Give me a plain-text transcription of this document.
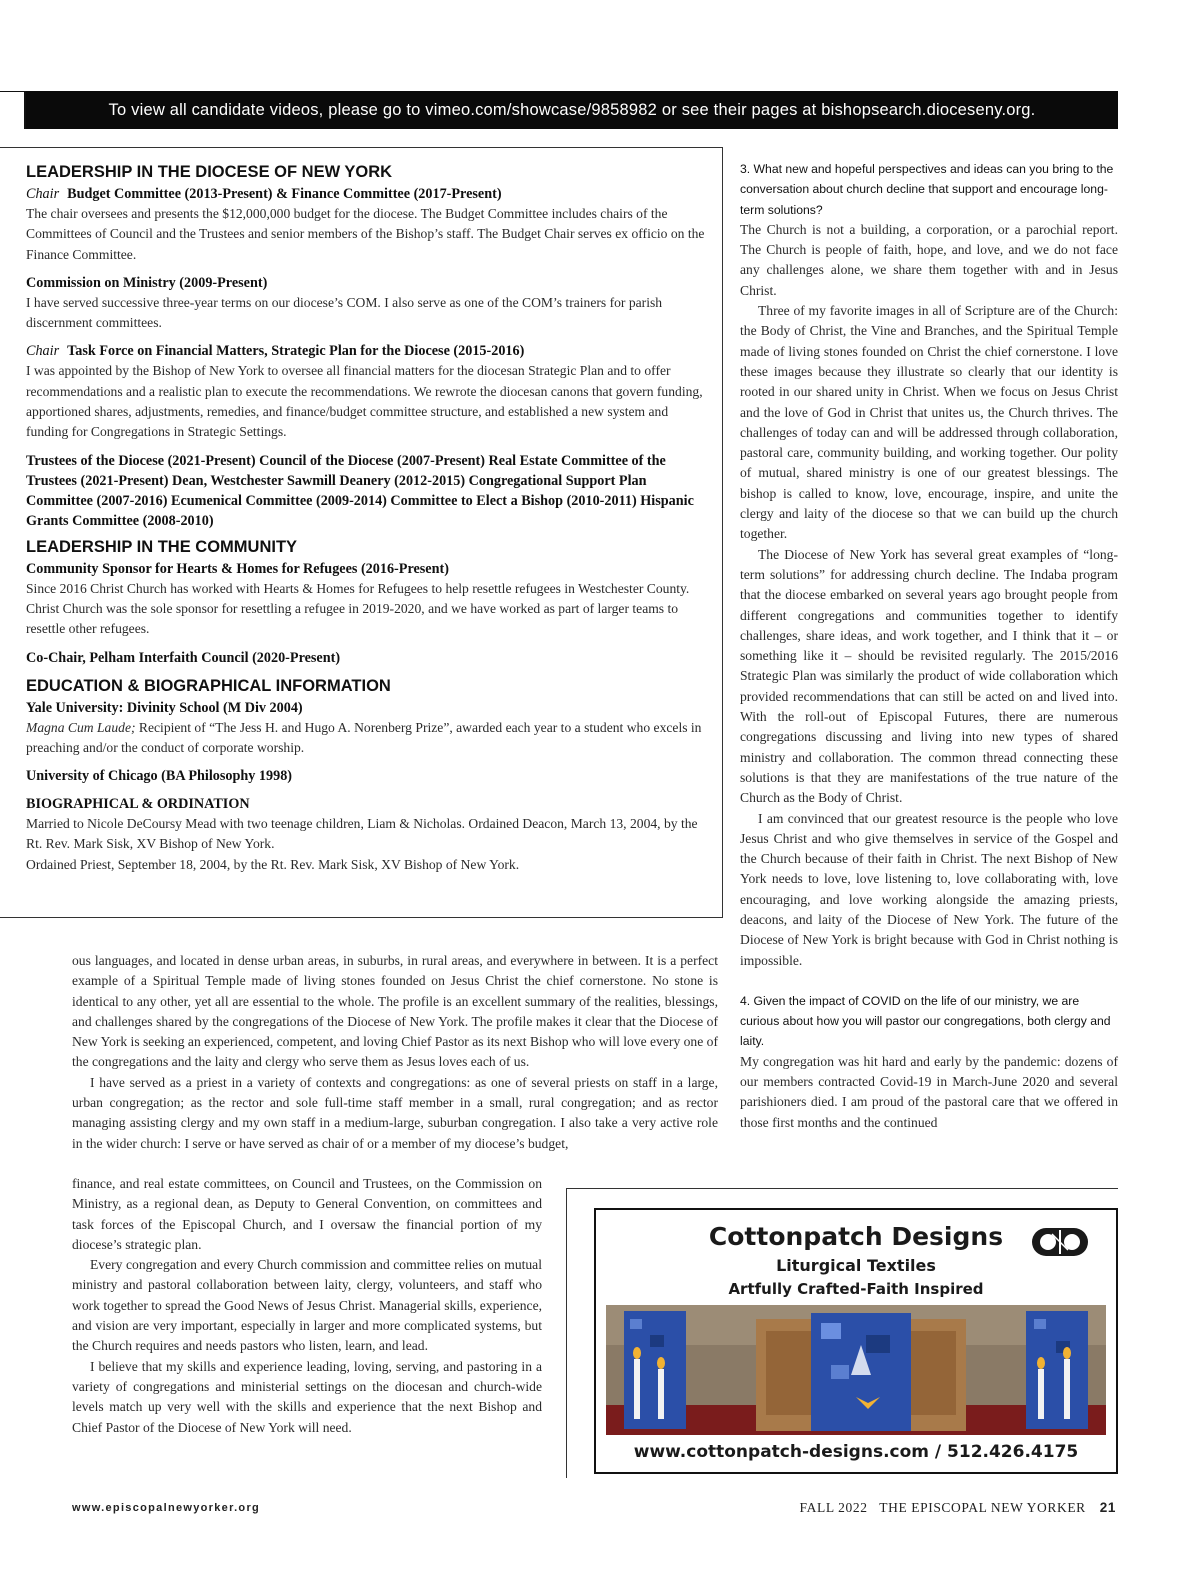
To view all candidate videos, please go to vimeo.com/showcase/9858982 or see their pages at bishopsearch.dioceseny.org.
LEADERSHIP IN THE DIOCESE OF NEW YORK

Chair Budget Committee (2013-Present) & Finance Committee (2017-Present)

The chair oversees and presents the $12,000,000 budget for the diocese. The Budget Committee includes chairs of the Committees of Council and the Trustees and senior members of the Bishop’s staff. The Budget Chair serves ex officio on the Finance Committee.

Commission on Ministry (2009-Present)

I have served successive three-year terms on our diocese’s COM. I also serve as one of the COM’s trainers for parish discernment committees.

Chair Task Force on Financial Matters, Strategic Plan for the Diocese (2015-2016)

I was appointed by the Bishop of New York to oversee all financial matters for the diocesan Strategic Plan and to offer recommendations and a realistic plan to execute the recommendations. We rewrote the diocesan canons that govern funding, apportioned shares, adjustments, remedies, and finance/budget committee structure, and established a new system and funding for Congregations in Strategic Settings.

Trustees of the Diocese (2021-Present) Council of the Diocese (2007-Present) Real Estate Committee of the Trustees (2021-Present) Dean, Westchester Sawmill Deanery (2012-2015) Congregational Support Plan Committee (2007-2016) Ecumenical Committee (2009-2014) Committee to Elect a Bishop (2010-2011) Hispanic Grants Committee (2008-2010)

LEADERSHIP IN THE COMMUNITY

Community Sponsor for Hearts & Homes for Refugees (2016-Present)

Since 2016 Christ Church has worked with Hearts & Homes for Refugees to help resettle refugees in Westchester County. Christ Church was the sole sponsor for resettling a refugee in 2019-2020, and we have worked as part of larger teams to resettle other refugees.

Co-Chair, Pelham Interfaith Council (2020-Present)

EDUCATION & BIOGRAPHICAL INFORMATION

Yale University: Divinity School (M Div 2004)

Magna Cum Laude; Recipient of “The Jess H. and Hugo A. Norenberg Prize”, awarded each year to a student who excels in preaching and/or the conduct of corporate worship.

University of Chicago (BA Philosophy 1998)

BIOGRAPHICAL & ORDINATION

Married to Nicole DeCoursy Mead with two teenage children, Liam & Nicholas. Ordained Deacon, March 13, 2004, by the Rt. Rev. Mark Sisk, XV Bishop of New York.

Ordained Priest, September 18, 2004, by the Rt. Rev. Mark Sisk, XV Bishop of New York.

3. What new and hopeful perspectives and ideas can you bring to the conversation about church decline that support and encourage long-term solutions?

The Church is not a building, a corporation, or a parochial report. The Church is people of faith, hope, and love, and we do not face any challenges alone, we share them together with and in Jesus Christ.

Three of my favorite images in all of Scripture are of the Church: the Body of Christ, the Vine and Branches, and the Spiritual Temple made of living stones founded on Christ the chief cornerstone. I love these images because they illustrate so clearly that our identity is rooted in our shared unity in Christ. When we focus on Jesus Christ and the love of God in Christ that unites us, the Church thrives. The challenges of today can and will be addressed through collaboration, pastoral care, community building, and working together. Our polity of mutual, shared ministry is one of our greatest blessings. The bishop is called to know, love, encourage, inspire, and unite the clergy and laity of the diocese so that we can build up the church together.

The Diocese of New York has several great examples of “long-term solutions” for addressing church decline. The Indaba program that the diocese embarked on several years ago brought people from different congregations and communities together to identify challenges, share ideas, and work together, and I think that it – or something like it – should be revisited regularly. The 2015/2016 Strategic Plan was similarly the product of wide collaboration which provided recommendations that can still be acted on and lived into. With the roll-out of Episcopal Futures, there are numerous congregations discussing and living into new types of shared ministry and collaboration. The common thread connecting these solutions is that they are manifestations of the true nature of the Church as the Body of Christ.

I am convinced that our greatest resource is the people who love Jesus Christ and who give themselves in service of the Gospel and the Church because of their faith in Christ. The next Bishop of New York needs to love, love listening to, love collaborating with, love encouraging, and love working alongside the amazing priests, deacons, and laity of the Diocese of New York. The future of the Diocese of New York is bright because with God in Christ nothing is impossible.

4. Given the impact of COVID on the life of our ministry, we are curious about how you will pastor our congregations, both clergy and laity.

My congregation was hit hard and early by the pandemic: dozens of our members contracted Covid-19 in March-June 2020 and several parishioners died. I am proud of the pastoral care that we offered in those first months and the continued

ous languages, and located in dense urban areas, in suburbs, in rural areas, and everywhere in between. It is a perfect example of a Spiritual Temple made of living stones founded on Jesus Christ the chief cornerstone. No stone is identical to any other, yet all are essential to the whole. The profile is an excellent summary of the realities, blessings, and challenges shared by the congregations of the Diocese of New York. The profile makes it clear that the Diocese of New York is seeking an experienced, competent, and loving Chief Pastor as its next Bishop who will love every one of the congregations and the laity and clergy who serve them as Jesus loves each of us.

I have served as a priest in a variety of contexts and congregations: as one of several priests on staff in a large, urban congregation; as the rector and sole full-time staff member in a small, rural congregation; and as rector managing assisting clergy and my own staff in a medium-large, suburban congregation. I also take a very active role in the wider church: I serve or have served as chair of or a member of my diocese’s budget,

finance, and real estate committees, on Council and Trustees, on the Commission on Ministry, as a regional dean, as Deputy to General Convention, on committees and task forces of the Episcopal Church, and I oversaw the financial portion of my diocese’s strategic plan.

Every congregation and every Church commission and committee relies on mutual ministry and pastoral collaboration between laity, clergy, volunteers, and staff who work together to spread the Good News of Jesus Christ. Managerial skills, experience, and vision are very important, especially in larger and more complicated systems, but the Church requires and needs pastors who listen, learn, and lead.

I believe that my skills and experience leading, loving, serving, and pastoring in a variety of congregations and ministerial settings on the diocesan and church-wide levels match up very well with the skills and experience that the next Bishop and Chief Pastor of the Diocese of New York will need.

Cottonpatch Designs
Liturgical Textiles
Artfully Crafted-Faith Inspired
www.cottonpatch-designs.com / 512.426.4175
www.episcopalnewyorker.org	FALL 2022 THE EPISCOPAL NEW YORKER 21
